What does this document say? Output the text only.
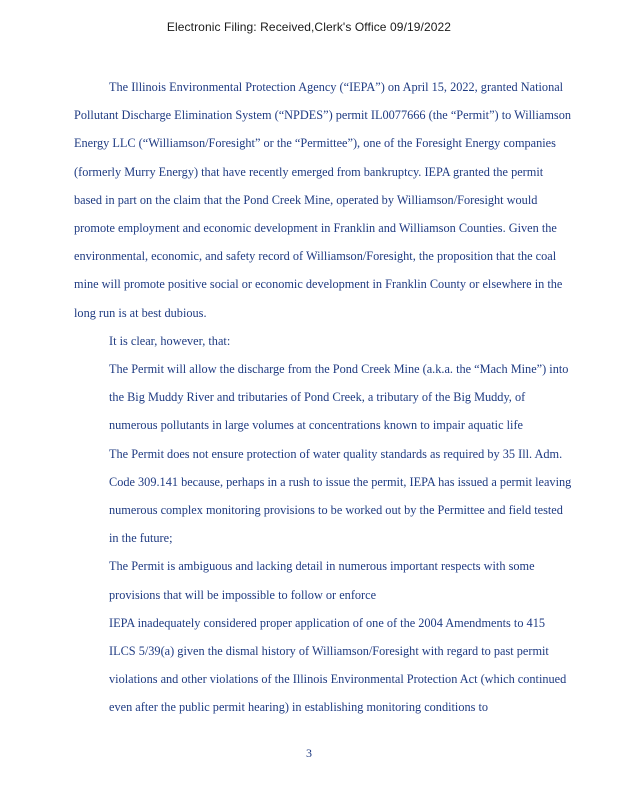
Electronic Filing: Received,Clerk's Office 09/19/2022

The Illinois Environmental Protection Agency (“IEPA”) on April 15, 2022, granted National Pollutant Discharge Elimination System (“NPDES”) permit IL0077666 (the “Permit”) to Williamson Energy LLC (“Williamson/Foresight” or the “Permittee”), one of the Foresight Energy companies (formerly Murry Energy) that have recently emerged from bankruptcy. IEPA granted the permit based in part on the claim that the Pond Creek Mine, operated by Williamson/Foresight would promote employment and economic development in Franklin and Williamson Counties. Given the environmental, economic, and safety record of Williamson/Foresight, the proposition that the coal mine will promote positive social or economic development in Franklin County or elsewhere in the long run is at best dubious.

It is clear, however, that:

The Permit will allow the discharge from the Pond Creek Mine (a.k.a. the “Mach Mine”) into the Big Muddy River and tributaries of Pond Creek, a tributary of the Big Muddy, of numerous pollutants in large volumes at concentrations known to impair aquatic life
The Permit does not ensure protection of water quality standards as required by 35 Ill. Adm. Code 309.141 because, perhaps in a rush to issue the permit, IEPA has issued a permit leaving numerous complex monitoring provisions to be worked out by the Permittee and field tested in the future;
The Permit is ambiguous and lacking detail in numerous important respects with some provisions that will be impossible to follow or enforce
IEPA inadequately considered proper application of one of the 2004 Amendments to 415 ILCS 5/39(a) given the dismal history of Williamson/Foresight with regard to past permit violations and other violations of the Illinois Environmental Protection Act (which continued even after the public permit hearing) in establishing monitoring conditions to
3
